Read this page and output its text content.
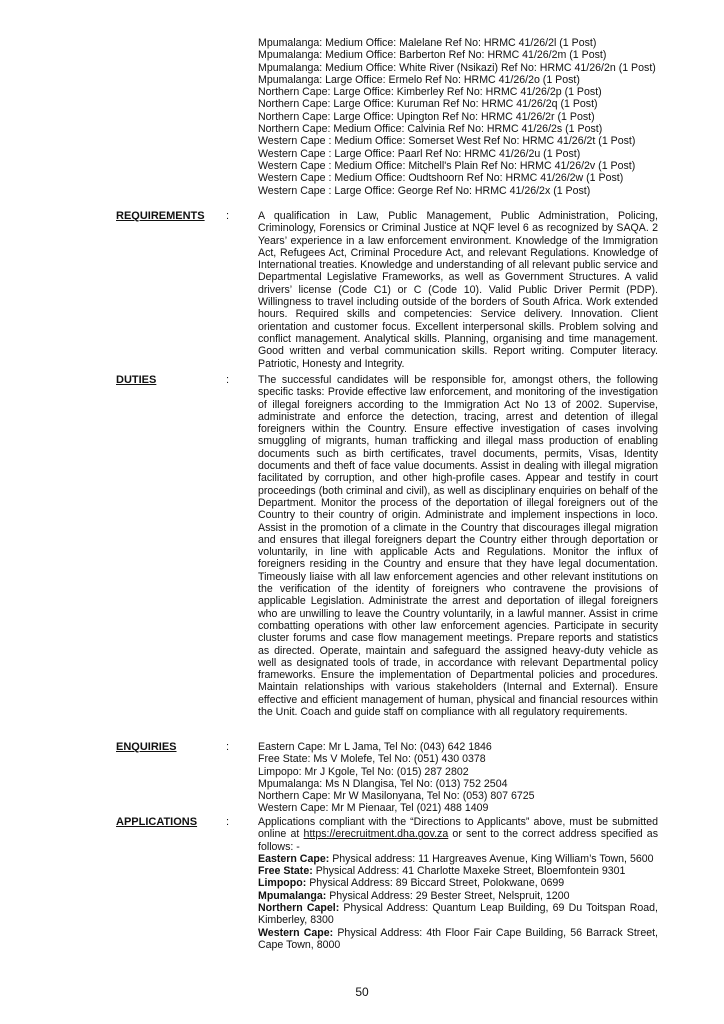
Mpumalanga: Medium Office: Malelane Ref No: HRMC 41/26/2l (1 Post)
Mpumalanga: Medium Office: Barberton Ref No: HRMC 41/26/2m (1 Post)
Mpumalanga: Medium Office: White River (Nsikazi) Ref No: HRMC 41/26/2n (1 Post)
Mpumalanga: Large Office: Ermelo Ref No: HRMC 41/26/2o (1 Post)
Northern Cape: Large Office: Kimberley Ref No: HRMC 41/26/2p (1 Post)
Northern Cape: Large Office: Kuruman Ref No: HRMC 41/26/2q (1 Post)
Northern Cape: Large Office: Upington Ref No: HRMC 41/26/2r (1 Post)
Northern Cape: Medium Office: Calvinia Ref No: HRMC 41/26/2s (1 Post)
Western Cape : Medium Office: Somerset West Ref No: HRMC 41/26/2t (1 Post)
Western Cape : Large Office: Paarl Ref No: HRMC 41/26/2u (1 Post)
Western Cape : Medium Office: Mitchell's Plain Ref No: HRMC 41/26/2v (1 Post)
Western Cape : Medium Office: Oudtshoorn Ref No: HRMC 41/26/2w (1 Post)
Western Cape : Large Office: George Ref No: HRMC 41/26/2x (1 Post)
REQUIREMENTS :	A qualification in Law, Public Management, Public Administration, Policing, Criminology, Forensics or Criminal Justice at NQF level 6 as recognized by SAQA. 2 Years’ experience in a law enforcement environment. Knowledge of the Immigration Act, Refugees Act, Criminal Procedure Act, and relevant Regulations. Knowledge of International treaties. Knowledge and understanding of all relevant public service and Departmental Legislative Frameworks, as well as Government Structures. A valid drivers’ license (Code C1) or C (Code 10). Valid Public Driver Permit (PDP). Willingness to travel including outside of the borders of South Africa. Work extended hours. Required skills and competencies: Service delivery. Innovation. Client orientation and customer focus. Excellent interpersonal skills. Problem solving and conflict management. Analytical skills. Planning, organising and time management. Good written and verbal communication skills. Report writing. Computer literacy. Patriotic, Honesty and Integrity.
DUTIES	:	The successful candidates will be responsible for, amongst others, the following specific tasks: Provide effective law enforcement, and monitoring of the investigation of illegal foreigners according to the Immigration Act No 13 of 2002. Supervise, administrate and enforce the detection, tracing, arrest and detention of illegal foreigners within the Country. Ensure effective investigation of cases involving smuggling of migrants, human trafficking and illegal mass production of enabling documents such as birth certificates, travel documents, permits, Visas, Identity documents and theft of face value documents. Assist in dealing with illegal migration facilitated by corruption, and other high-profile cases. Appear and testify in court proceedings (both criminal and civil), as well as disciplinary enquiries on behalf of the Department. Monitor the process of the deportation of illegal foreigners out of the Country to their country of origin. Administrate and implement inspections in loco. Assist in the promotion of a climate in the Country that discourages illegal migration and ensures that illegal foreigners depart the Country either through deportation or voluntarily, in line with applicable Acts and Regulations. Monitor the influx of foreigners residing in the Country and ensure that they have legal documentation. Timeously liaise with all law enforcement agencies and other relevant institutions on the verification of the identity of foreigners who contravene the provisions of applicable Legislation. Administrate the arrest and deportation of illegal foreigners who are unwilling to leave the Country voluntarily, in a lawful manner. Assist in crime combatting operations with other law enforcement agencies. Participate in security cluster forums and case flow management meetings. Prepare reports and statistics as directed. Operate, maintain and safeguard the assigned heavy-duty vehicle as well as designated tools of trade, in accordance with relevant Departmental policy frameworks. Ensure the implementation of Departmental policies and procedures. Maintain relationships with various stakeholders (Internal and External). Ensure effective and efficient management of human, physical and financial resources within the Unit. Coach and guide staff on compliance with all regulatory requirements.
ENQUIRIES	:	Eastern Cape: Mr L Jama, Tel No: (043) 642 1846
Free State: Ms V Molefe, Tel No: (051) 430 0378
Limpopo: Mr J Kgole, Tel No: (015) 287 2802
Mpumalanga: Ms N Dlangisa, Tel No: (013) 752 2504
Northern Cape: Mr W Masilonyana, Tel No: (053) 807 6725
Western Cape: Mr M Pienaar, Tel (021) 488 1409
APPLICATIONS	:	Applications compliant with the “Directions to Applicants” above, must be submitted online at https://erecruitment.dha.gov.za or sent to the correct address specified as follows: -
Eastern Cape: Physical address: 11 Hargreaves Avenue, King William’s Town, 5600
Free State: Physical Address: 41 Charlotte Maxeke Street, Bloemfontein 9301
Limpopo: Physical Address: 89 Biccard Street, Polokwane, 0699
Mpumalanga: Physical Address: 29 Bester Street, Nelspruit, 1200
Northern Capel: Physical Address: Quantum Leap Building, 69 Du Toitspan Road, Kimberley, 8300
Western Cape: Physical Address: 4th Floor Fair Cape Building, 56 Barrack Street, Cape Town, 8000
50
